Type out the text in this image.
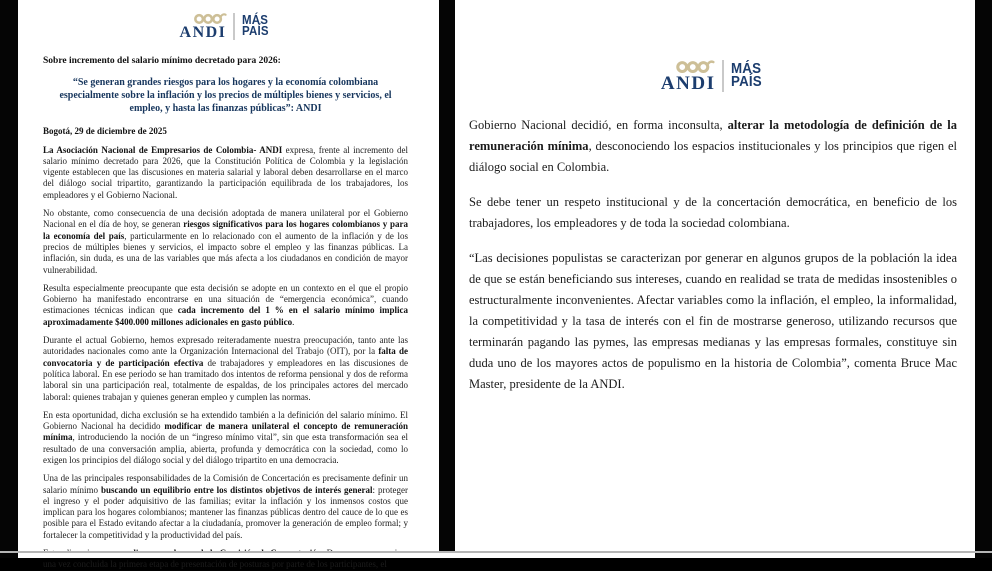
ANDI
MÁS
PAÍS
Sobre incremento del salario mínimo decretado para 2026:
“Se generan grandes riesgos para los hogares y la economía colombiana especialmente sobre la inflación y los precios de múltiples bienes y servicios, el empleo, y hasta las finanzas públicas”: ANDI
Bogotá, 29 de diciembre de 2025

La Asociación Nacional de Empresarios de Colombia- ANDI expresa, frente al incremento del salario mínimo decretado para 2026, que la Constitución Política de Colombia y la legislación vigente establecen que las discusiones en materia salarial y laboral deben desarrollarse en el marco del diálogo social tripartito, garantizando la participación equilibrada de los trabajadores, los empleadores y el Gobierno Nacional.

No obstante, como consecuencia de una decisión adoptada de manera unilateral por el Gobierno Nacional en el día de hoy, se generan riesgos significativos para los hogares colombianos y para la economía del país, particularmente en lo relacionado con el aumento de la inflación y de los precios de múltiples bienes y servicios, el impacto sobre el empleo y las finanzas públicas. La inflación, sin duda, es una de las variables que más afecta a los ciudadanos en condición de mayor vulnerabilidad.

Resulta especialmente preocupante que esta decisión se adopte en un contexto en el que el propio Gobierno ha manifestado encontrarse en una situación de “emergencia económica”, cuando estimaciones técnicas indican que cada incremento del 1 % en el salario mínimo implica aproximadamente $400.000 millones adicionales en gasto público.

Durante el actual Gobierno, hemos expresado reiteradamente nuestra preocupación, tanto ante las autoridades nacionales como ante la Organización Internacional del Trabajo (OIT), por la falta de convocatoria y de participación efectiva de trabajadores y empleadores en las discusiones de política laboral. En ese periodo se han tramitado dos intentos de reforma pensional y dos de reforma laboral sin una participación real, totalmente de espaldas, de los principales actores del mercado laboral: quienes trabajan y quienes generan empleo y cumplen las normas.

En esta oportunidad, dicha exclusión se ha extendido también a la definición del salario mínimo. El Gobierno Nacional ha decidido modificar de manera unilateral el concepto de remuneración mínima, introduciendo la noción de un “ingreso mínimo vital”, sin que esta transformación sea el resultado de una conversación amplia, abierta, profunda y democrática con la sociedad, como lo exigen los principios del diálogo social y del diálogo tripartito en una democracia.

Una de las principales responsabilidades de la Comisión de Concertación es precisamente definir un salario mínimo buscando un equilibrio entre los distintos objetivos de interés general: proteger el ingreso y el poder adquisitivo de las familias; evitar la inflación y los inmensos costos que implican para los hogares colombianos; mantener las finanzas públicas dentro del cauce de lo que es posible para el Estado evitando afectar a la ciudadanía, promover la generación de empleo formal; y fortalecer la competitividad y la productividad del país.

una vez concluida la primera etapa de presentación de posturas por parte de los participantes, el

ANDI
MÁS
PAÍS

Gobierno Nacional decidió, en forma inconsulta, alterar la metodología de definición de la remuneración mínima, desconociendo los espacios institucionales y los principios que rigen el diálogo social en Colombia.

Se debe tener un respeto institucional y de la concertación democrática, en beneficio de los trabajadores, los empleadores y de toda la sociedad colombiana.

“Las decisiones populistas se caracterizan por generar en algunos grupos de la población la idea de que se están beneficiando sus intereses, cuando en realidad se trata de medidas insostenibles o estructuralmente inconvenientes. Afectar variables como la inflación, el empleo, la informalidad, la competitividad y la tasa de interés con el fin de mostrarse generoso, utilizando recursos que terminarán pagando las pymes, las empresas medianas y las empresas formales, constituye sin duda uno de los mayores actos de populismo en la historia de Colombia”, comenta Bruce Mac Master, presidente de la ANDI.
